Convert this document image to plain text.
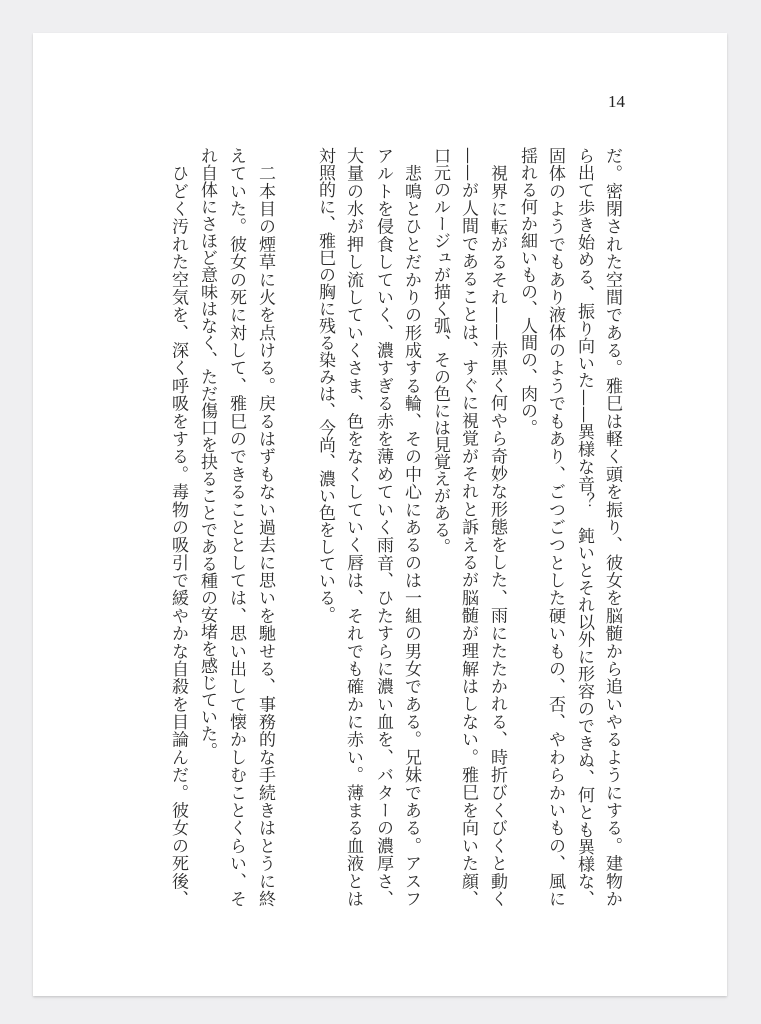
14
だ。密閉された空間である。雅巳は軽く頭を振り、彼女を脳髄から追いやるようにする。建物か
ら出て歩き始める、振り向いた——異様な音？　鈍いとそれ以外に形容のできぬ、何とも異様な、
固体のようでもあり液体のようでもあり、ごつごつとした硬いもの、否、やわらかいもの、風に
揺れる何か細いもの、人間の、肉の。
　視界に転がるそれ——赤黒く何やら奇妙な形態をした、雨にたたかれる、時折びくびくと動く
——が人間であることは、すぐに視覚がそれと訴えるが脳髄が理解はしない。雅巳を向いた顔、
口元のルージュが描く弧、その色には見覚えがある。
　悲鳴とひとだかりの形成する輪、その中心にあるのは一組の男女である。兄妹である。アスフ
アルトを侵食していく、濃すぎる赤を薄めていく雨音、ひたすらに濃い血を、バターの濃厚さ、
大量の水が押し流していくさま、色をなくしていく唇は、それでも確かに赤い。薄まる血液とは
対照的に、雅巳の胸に残る染みは、今尚、濃い色をしている。
　二本目の煙草に火を点ける。戻るはずもない過去に思いを馳せる、事務的な手続きはとうに終
えていた。彼女の死に対して、雅巳のできることとしては、思い出して懐かしむことくらい、そ
れ自体にさほど意味はなく、ただ傷口を抉ることである種の安堵を感じていた。
　ひどく汚れた空気を、深く呼吸をする。毒物の吸引で緩やかな自殺を目論んだ。彼女の死後、
